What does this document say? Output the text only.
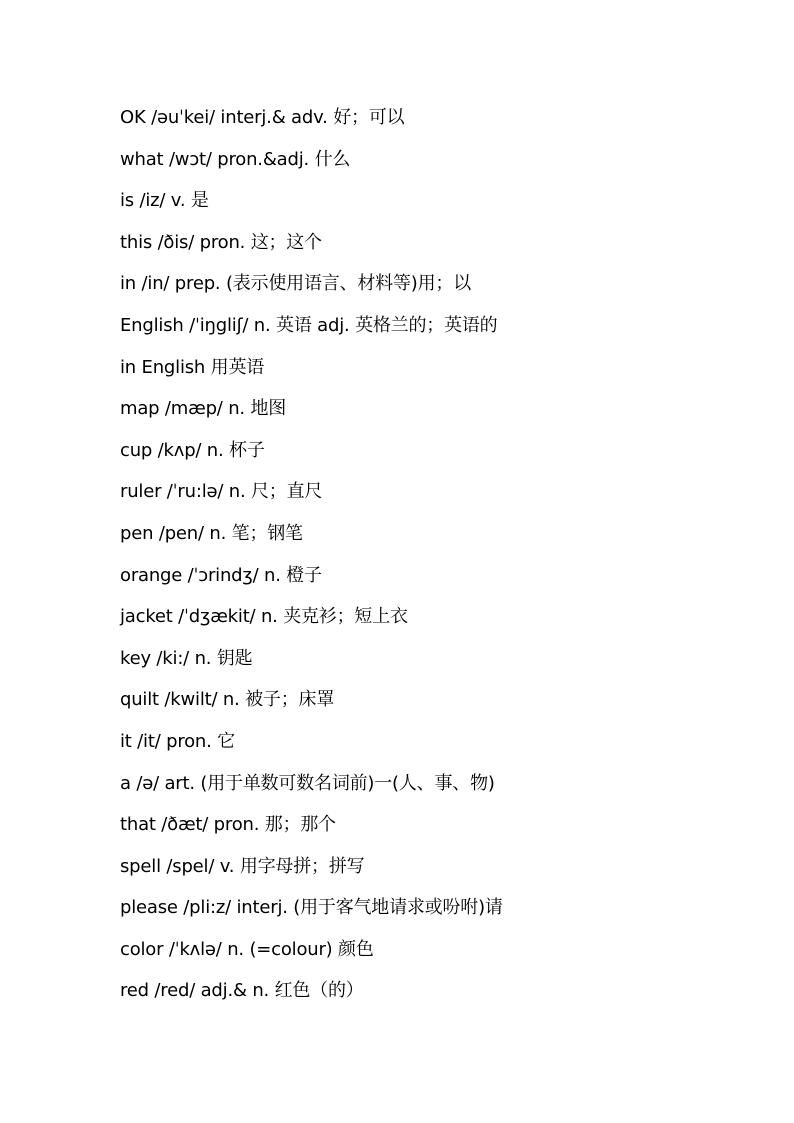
OK /əuˈkei/ interj.& adv. 好；可以
what /wɔt/ pron.&adj. 什么
is /iz/ v. 是
this /ðis/ pron. 这；这个
in /in/ prep. (表示使用语言、材料等)用；以
English /ˈiŋgliʃ/ n. 英语 adj. 英格兰的；英语的
in English 用英语
map /mæp/ n. 地图
cup /kʌp/ n. 杯子
ruler /ˈru:lə/ n. 尺；直尺
pen /pen/ n. 笔；钢笔
orange /ˈɔrindʒ/ n. 橙子
jacket /ˈdʒækit/ n. 夹克衫；短上衣
key /ki:/ n. 钥匙
quilt /kwilt/ n. 被子；床罩
it /it/ pron. 它
a /ə/ art. (用于单数可数名词前)一(人、事、物)
that /ðæt/ pron. 那；那个
spell /spel/ v. 用字母拼；拼写
please /pli:z/ interj. (用于客气地请求或吩咐)请
color /ˈkʌlə/ n. (=colour) 颜色
red /red/ adj.& n. 红色（的）
